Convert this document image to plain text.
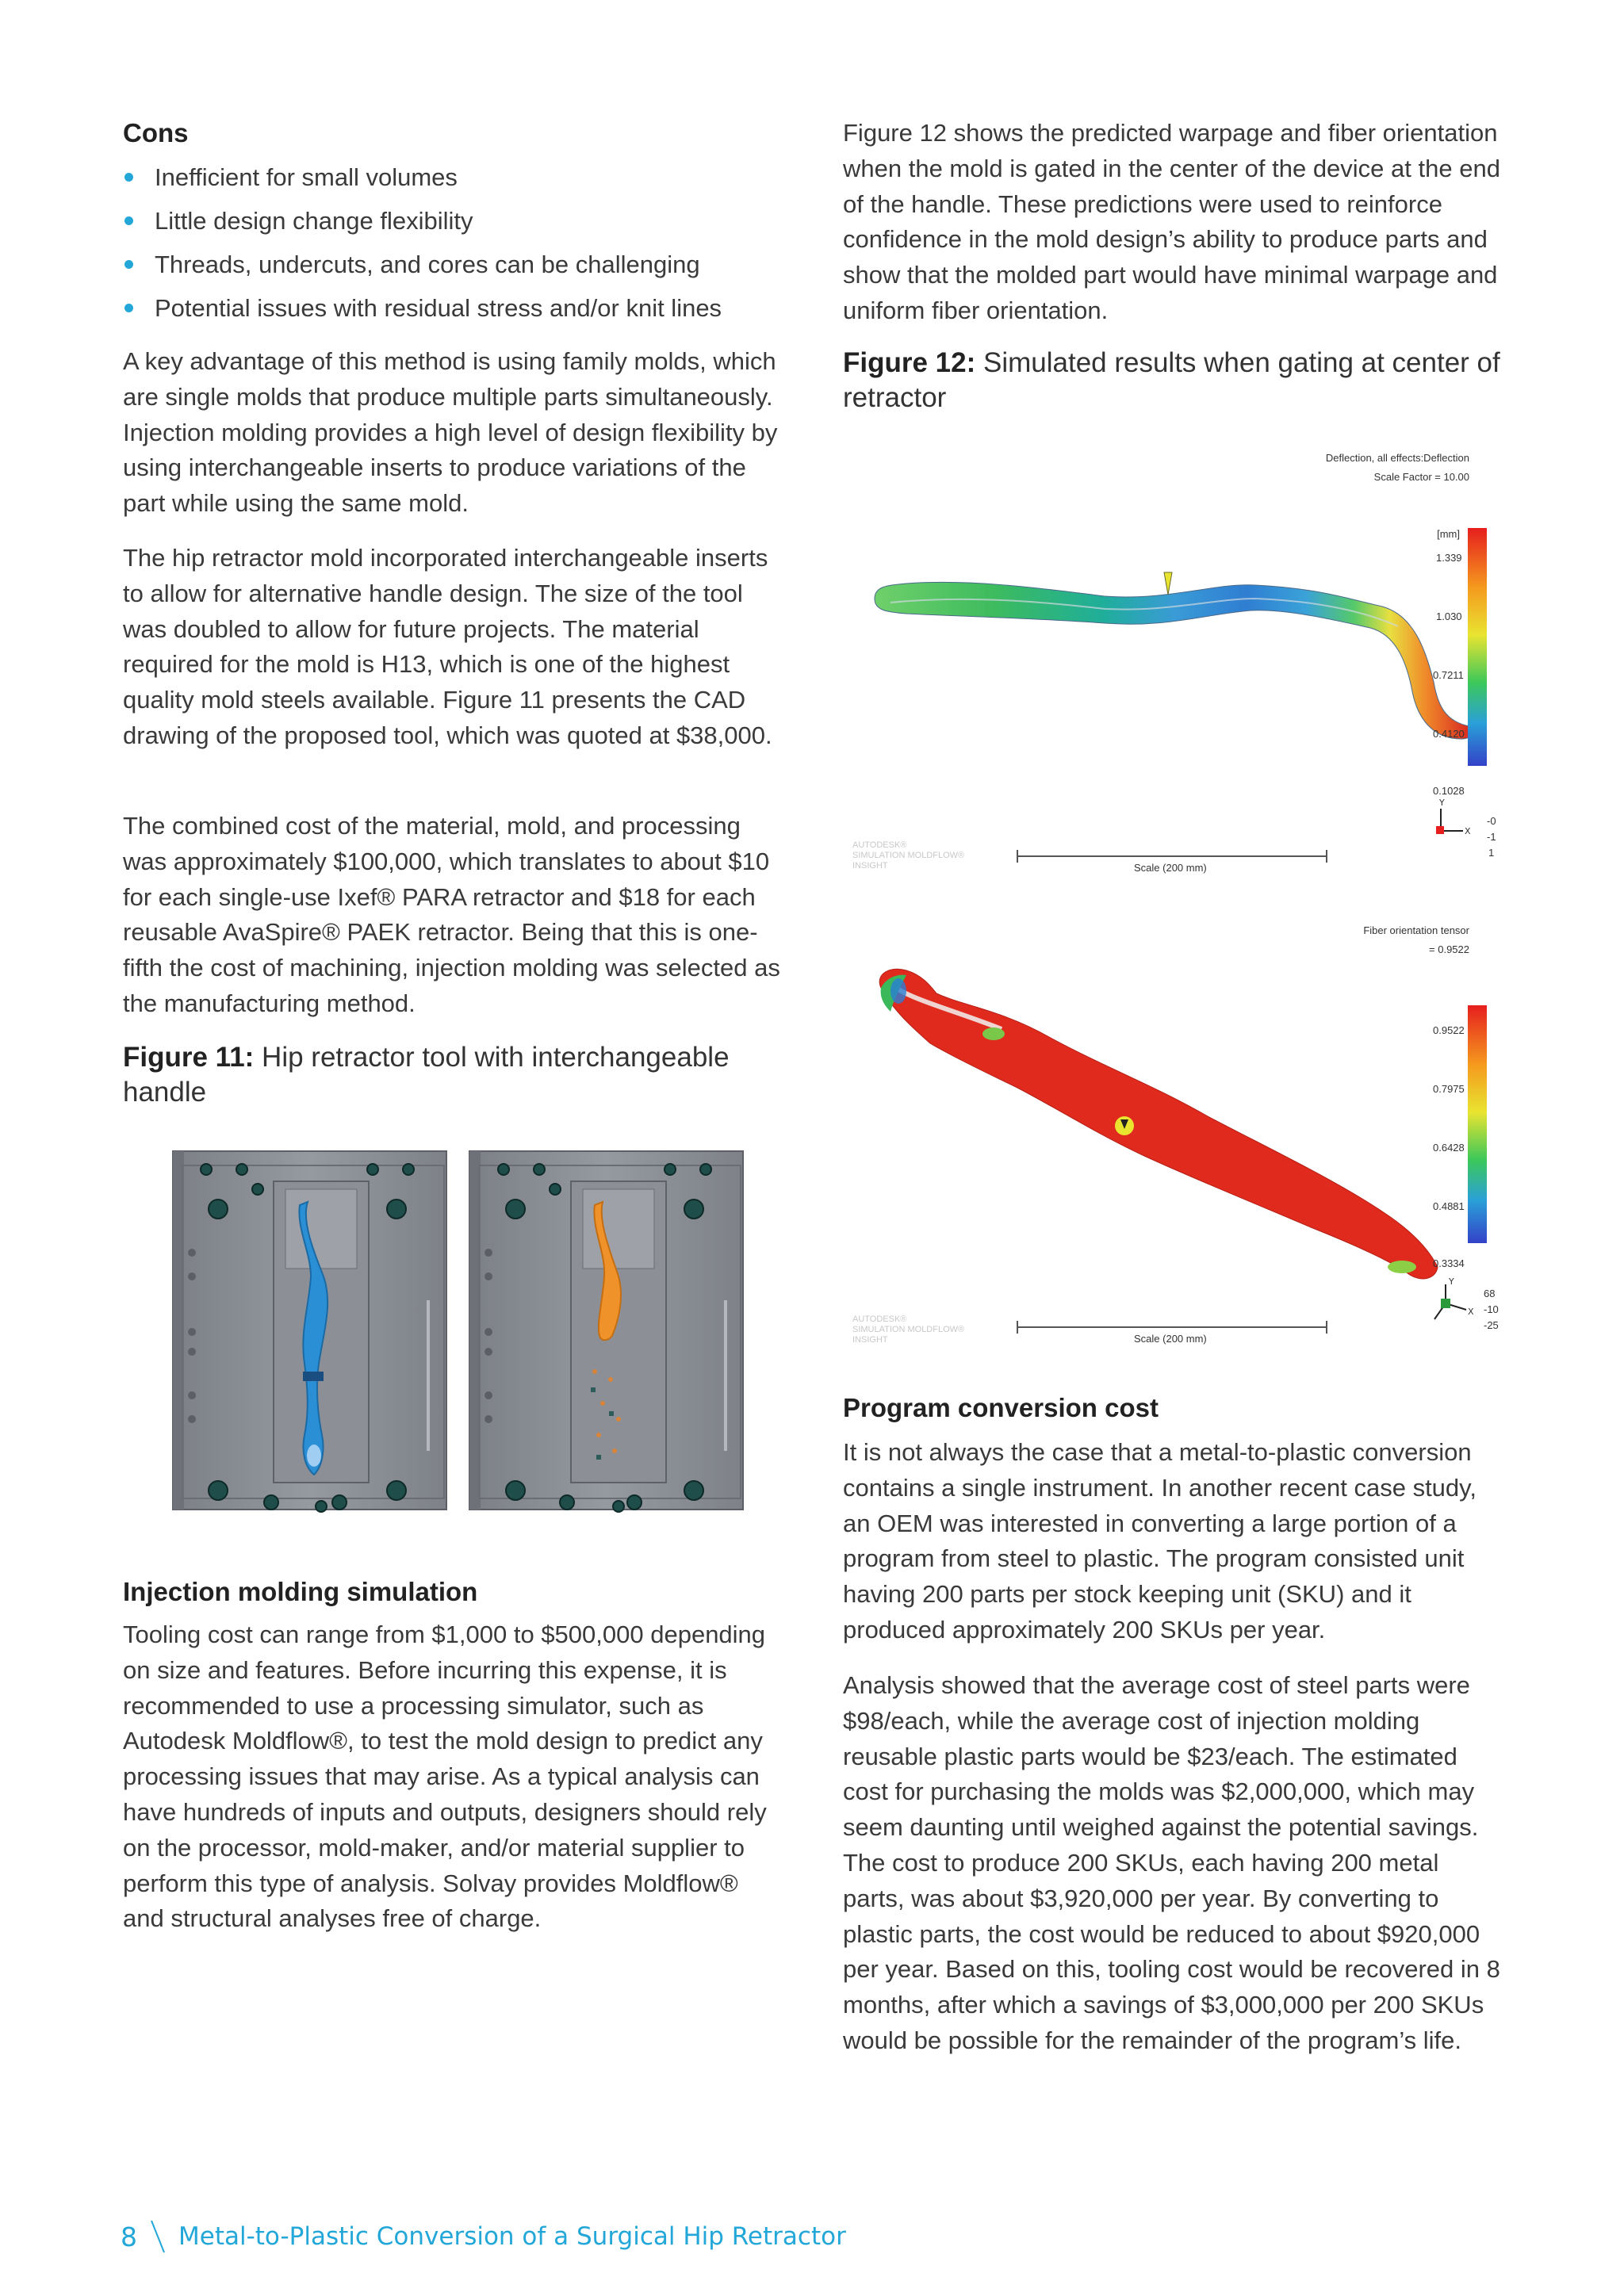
Cons
Inefficient for small volumes
Little design change flexibility
Threads, undercuts, and cores can be challenging
Potential issues with residual stress and/or knit lines

A key advantage of this method is using family molds, which are single molds that produce multiple parts simultaneously. Injection molding provides a high level of design flexibility by using interchangeable inserts to produce variations of the part while using the same mold.

The hip retractor mold incorporated interchangeable inserts to allow for alternative handle design. The size of the tool was doubled to allow for future projects. The material required for the mold is H13, which is one of the highest quality mold steels available. Figure 11 presents the CAD drawing of the proposed tool, which was quoted at $38,000.

The combined cost of the material, mold, and processing was approximately $100,000, which translates to about $10 for each single-use Ixef® PARA retractor and $18 for each reusable AvaSpire® PAEK retractor. Being that this is one-fifth the cost of machining, injection molding was selected as the manufacturing method.

Figure 11: Hip retractor tool with interchangeable handle

Injection molding simulation

Tooling cost can range from $1,000 to $500,000 depending on size and features. Before incurring this expense, it is recommended to use a processing simulator, such as Autodesk Moldflow®, to test the mold design to predict any processing issues that may arise. As a typical analysis can have hundreds of inputs and outputs, designers should rely on the processor, mold-maker, and/or material supplier to perform this type of analysis. Solvay provides Moldflow® and structural analyses free of charge.

Figure 12 shows the predicted warpage and fiber orientation when the mold is gated in the center of the device at the end of the handle. These predictions were used to reinforce confidence in the mold design’s ability to produce parts and show that the molded part would have minimal warpage and uniform fiber orientation.

Figure 12: Simulated results when gating at center of retractor

Deflection, all effects:Deflection
Scale Factor = 10.00
[mm]
Y
X
1.339
1.030
0.7211
0.4120
0.1028
-0
-1
1
Scale (200 mm)
AUTODESK®
SIMULATION MOLDFLOW®
INSIGHT
Fiber orientation tensor
= 0.9522
Y
X
0.9522
0.7975
0.6428
0.4881
0.3334
68
-10
-25
Scale (200 mm)
AUTODESK®
SIMULATION MOLDFLOW®
INSIGHT
Program conversion cost

It is not always the case that a metal-to-plastic conversion contains a single instrument. In another recent case study, an OEM was interested in converting a large portion of a program from steel to plastic. The program consisted unit having 200 parts per stock keeping unit (SKU) and it produced approximately 200 SKUs per year.

Analysis showed that the average cost of steel parts were $98/each, while the average cost of injection molding reusable plastic parts would be $23/each. The estimated cost for purchasing the molds was $2,000,000, which may seem daunting until weighed against the potential savings. The cost to produce 200 SKUs, each having 200 metal parts, was about $3,920,000 per year. By converting to plastic parts, the cost would be reduced to about $920,000 per year. Based on this, tooling cost would be recovered in 8 months, after which a savings of $3,000,000 per 200 SKUs would be possible for the remainder of the program’s life.

8 Metal-to-Plastic Conversion of a Surgical Hip Retractor
